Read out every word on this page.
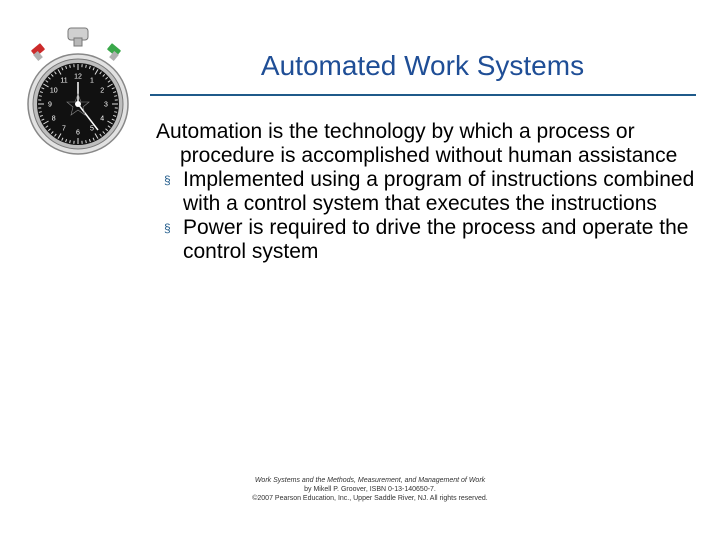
12
1
2
3
4
5
6
7
8
9
10
11	Automated Work Systems

Automation is the technology by which a process or procedure is accomplished without human assistance

§ Implemented using a program of instructions combined with a control system that executes the instructions
§ Power is required to drive the process and operate the control system
Work Systems and the Methods, Measurement, and Management of Work
by Mikell P. Groover, ISBN 0-13-140650-7.
©2007 Pearson Education, Inc., Upper Saddle River, NJ. All rights reserved.
